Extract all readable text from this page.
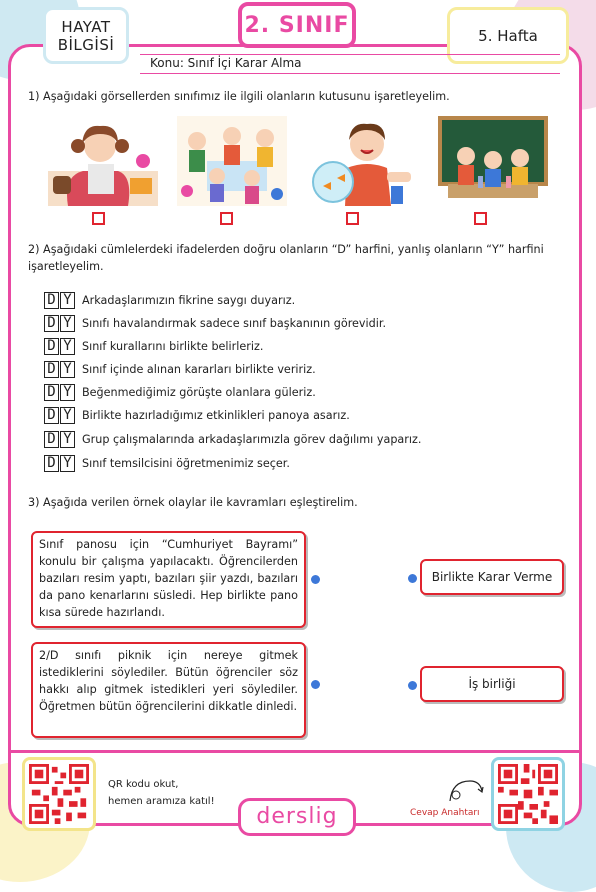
HAYAT
BİLGİSİ
2. SINIF	5. Hafta
Konu: Sınıf İçi Karar Alma
1) Aşağıdaki görsellerden sınıfımız ile ilgili olanların kutusunu işaretleyelim.
2) Aşağıdaki cümlelerdeki ifadelerden doğru olanların “D” harfini, yanlış olanların “Y” harfini işaretleyelim.
D Y Arkadaşlarımızın fikrine saygı duyarız.
D Y Sınıfı havalandırmak sadece sınıf başkanının görevidir.
D Y Sınıf kurallarını birlikte belirleriz.
D Y Sınıf içinde alınan kararları birlikte veririz.
D Y Beğenmediğimiz görüşte olanlara güleriz.
D Y Birlikte hazırladığımız etkinlikleri panoya asarız.
D Y Grup çalışmalarında arkadaşlarımızla görev dağılımı yaparız.
D Y Sınıf temsilcisini öğretmenimiz seçer.
3) Aşağıda verilen örnek olaylar ile kavramları eşleştirelim.
Sınıf panosu için “Cumhuriyet Bayramı” konulu bir çalışma yapılacaktı. Öğrencilerden bazıları resim yaptı, bazıları şiir yazdı, bazıları da pano kenarlarını süsledi. Hep birlikte pano kısa sürede hazırlandı.
2/D sınıfı piknik için nereye gitmek istediklerini söylediler. Bütün öğrenciler söz hakkı alıp gitmek istedikleri yeri söylediler. Öğretmen bütün öğrencilerini dikkatle dinledi.
Birlikte Karar Verme
İş birliği
QR kodu okut,
hemen aramıza katıl!
derslig	Cevap Anahtarı
